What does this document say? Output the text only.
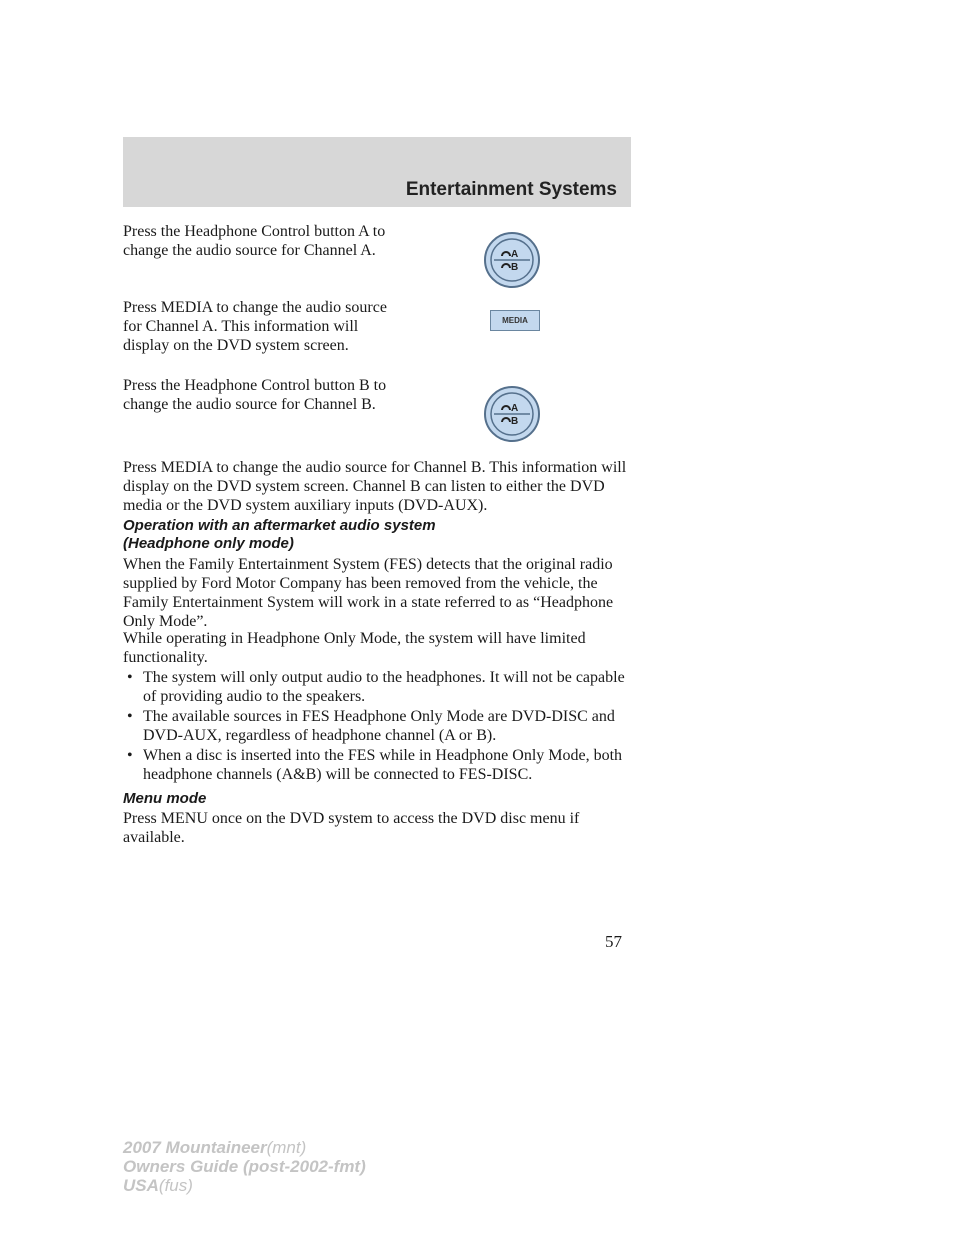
Entertainment Systems

Press the Headphone Control button A to change the audio source for Channel A.	A
B

Press MEDIA to change the audio source for Channel A. This information will display on the DVD system screen.

MEDIA

Press the Headphone Control button B to change the audio source for Channel B.	A
B

Press MEDIA to change the audio source for Channel B. This information will display on the DVD system screen. Channel B can listen to either the DVD media or the DVD system auxiliary inputs (DVD-AUX).

Operation with an aftermarket audio system
(Headphone only mode)

When the Family Entertainment System (FES) detects that the original radio supplied by Ford Motor Company has been removed from the vehicle, the Family Entertainment System will work in a state referred to as “Headphone Only Mode”.

While operating in Headphone Only Mode, the system will have limited functionality.

• The system will only output audio to the headphones. It will not be capable of providing audio to the speakers.
• The available sources in FES Headphone Only Mode are DVD-DISC and DVD-AUX, regardless of headphone channel (A or B).
• When a disc is inserted into the FES while in Headphone Only Mode, both headphone channels (A&B) will be connected to FES-DISC.

Menu mode

Press MENU once on the DVD system to access the DVD disc menu if available.

57
2007 Mountaineer(mnt)
Owners Guide (post-2002-fmt)
USA(fus)
